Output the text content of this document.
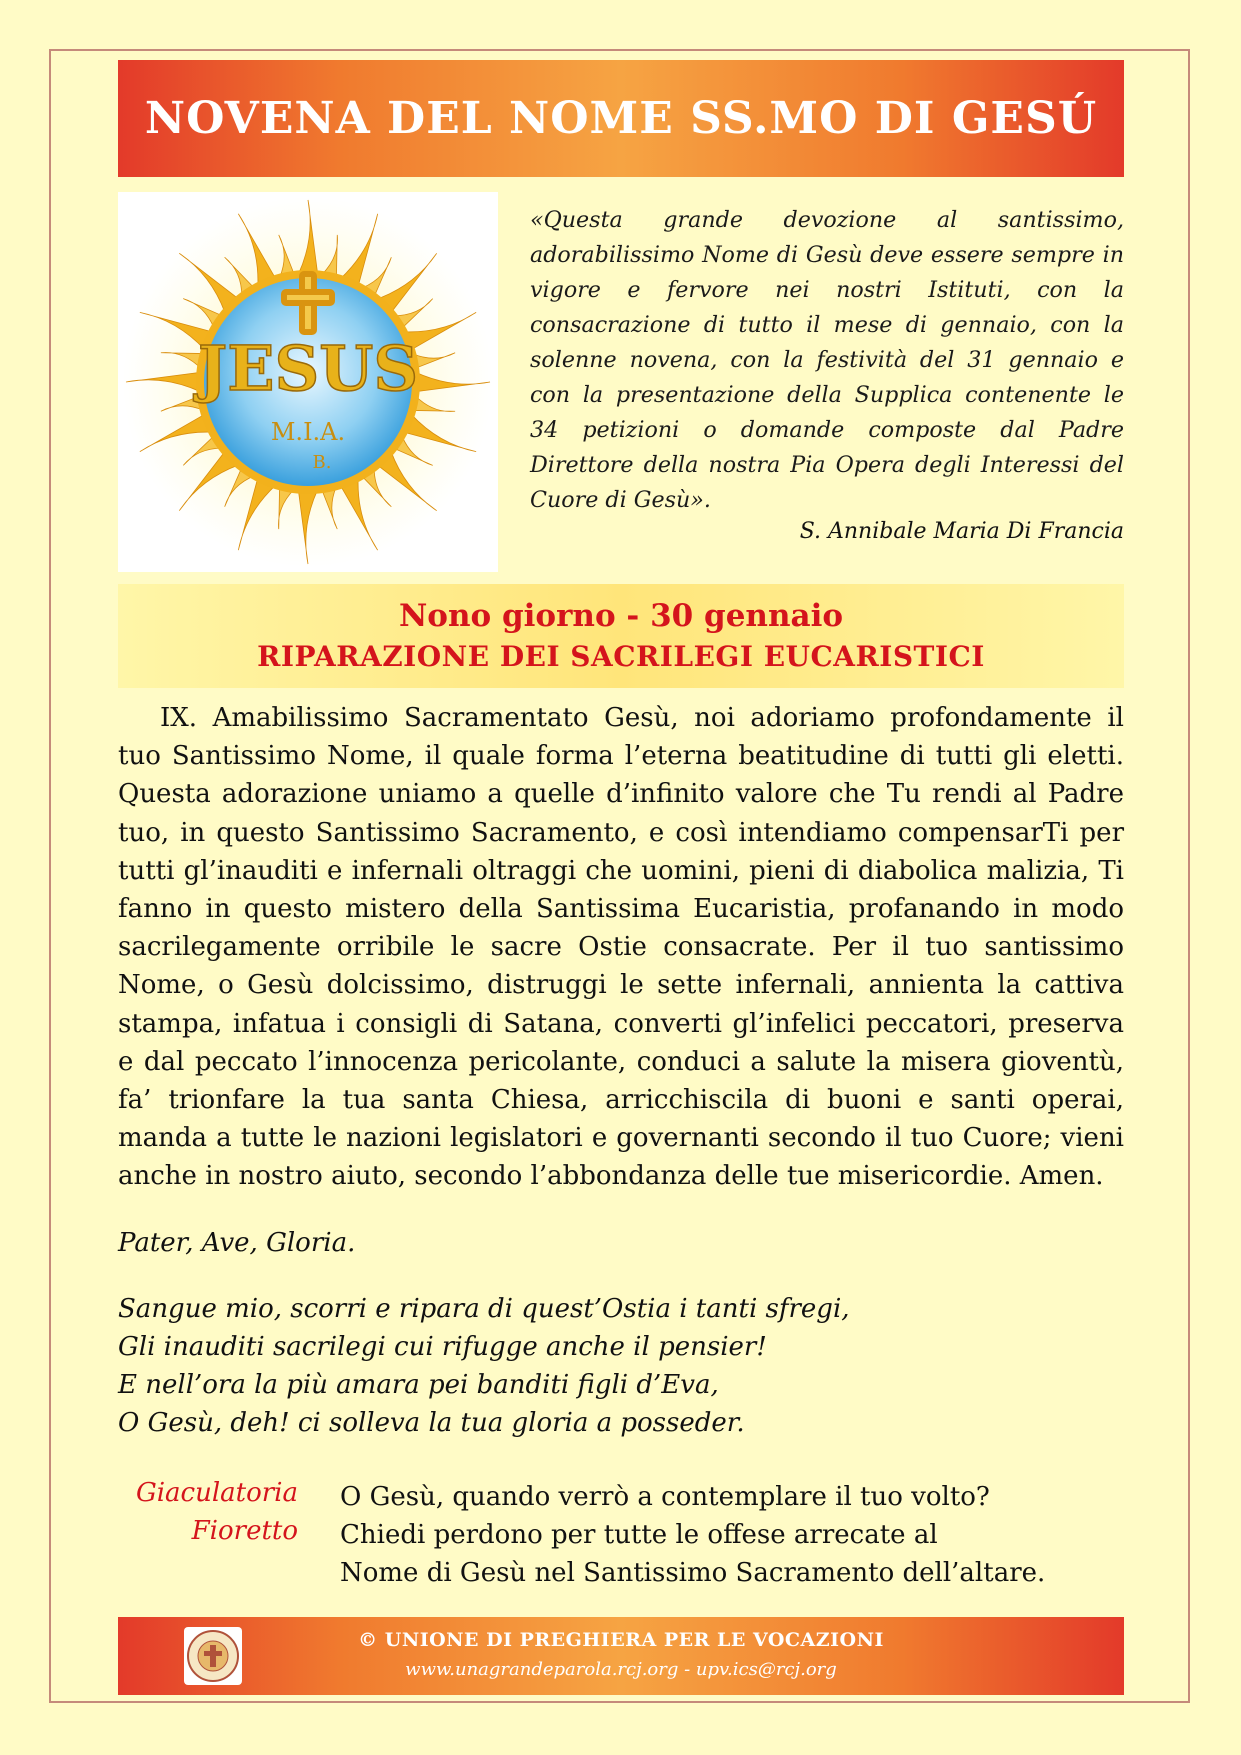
NOVENA DEL NOME SS.MO DI GESÚ
JESUS
M.I.A.
B.
«Questa grande devozione al santissimo, adorabilissimo Nome di Gesù deve essere sempre in vigore e fervore nei nostri Istituti, con la consacrazione di tutto il mese di gennaio, con la solenne novena, con la festività del 31 gennaio e con la presentazione della Supplica contenente le 34 petizioni o domande composte dal Padre Direttore della nostra Pia Opera degli Interessi del Cuore di Gesù».
S. Annibale Maria Di Francia
Nono giorno - 30 gennaio
RIPARAZIONE DEI SACRILEGI EUCARISTICI

IX. Amabilissimo Sacramentato Gesù, noi adoriamo profondamente il tuo Santissimo Nome, il quale forma l’eterna beatitudine di tutti gli eletti. Questa adorazione uniamo a quelle d’infinito valore che Tu rendi al Padre tuo, in questo Santissimo Sacramento, e così intendiamo compensarTi per tutti gl’inauditi e infernali oltraggi che uomini, pieni di diabolica malizia, Ti fanno in questo mistero della Santissima Eucaristia, profanando in modo sacrilegamente orribile le sacre Ostie consacrate. Per il tuo santissimo Nome, o Gesù dolcissimo, distruggi le sette infernali, annienta la cattiva stampa, infatua i consigli di Satana, converti gl’infelici peccatori, preserva e dal peccato l’innocenza pericolante, conduci a salute la misera gioventù, fa’ trionfare la tua santa Chiesa, arricchiscila di buoni e santi operai, manda a tutte le nazioni legislatori e governanti secondo il tuo Cuore; vieni anche in nostro aiuto, secondo l’abbondanza delle tue misericordie. Amen.

Pater, Ave, Gloria.
Sangue mio, scorri e ripara di quest’Ostia i tanti sfregi,
Gli inauditi sacrilegi cui rifugge anche il pensier!
E nell’ora la più amara pei banditi figli d’Eva,
O Gesù, deh! ci solleva la tua gloria a posseder.
Giaculatoria O Gesù, quando verrò a contemplare il tuo volto?
Fioretto Chiedi perdono per tutte le offese arrecate al
Nome di Gesù nel Santissimo Sacramento dell’altare.
© UNIONE DI PREGHIERA PER LE VOCAZIONI
www.unagrandeparola.rcj.org - upv.ics@rcj.org
